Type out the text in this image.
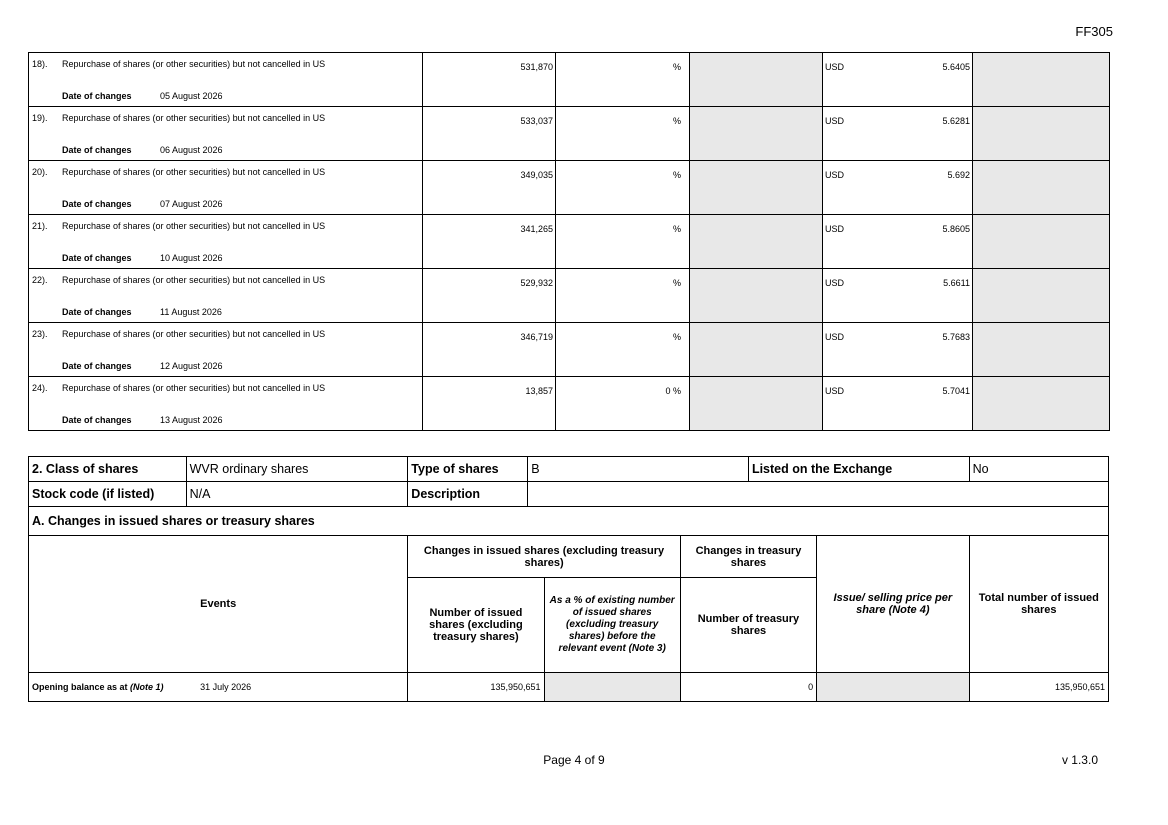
FF305
18). Repurchase of shares (or other securities) but not cancelled in US
Date of changes 05 August 2026	531,870	%		USD 5.6405	

19). Repurchase of shares (or other securities) but not cancelled in US
Date of changes 06 August 2026	533,037	%		USD 5.6281	

20). Repurchase of shares (or other securities) but not cancelled in US
Date of changes 07 August 2026	349,035	%		USD 5.692	

21). Repurchase of shares (or other securities) but not cancelled in US
Date of changes 10 August 2026	341,265	%		USD 5.8605	

22). Repurchase of shares (or other securities) but not cancelled in US
Date of changes 11 August 2026	529,932	%		USD 5.6611	

23). Repurchase of shares (or other securities) but not cancelled in US
Date of changes 12 August 2026	346,719	%		USD 5.7683	

24). Repurchase of shares (or other securities) but not cancelled in US
Date of changes 13 August 2026	13,857	0 %		USD 5.7041	

2. Class of shares	WVR ordinary shares	Type of shares	B			Listed on the Exchange		No
Stock code (if listed)	N/A	Description						
A. Changes in issued shares or treasury shares								
Events		Changes in issued shares (excluding treasury shares)			Changes in treasury shares		Issue/ selling price per share (Note 4)	Total number of issued shares
		Number of issued shares (excluding treasury shares)		As a % of existing number of issued shares (excluding treasury shares) before the relevant event (Note 3)	Number of treasury shares			
Opening balance as at (Note 1) 31 July 2026		135,950,651			0			135,950,651
Page 4 of 9	v 1.3.0
